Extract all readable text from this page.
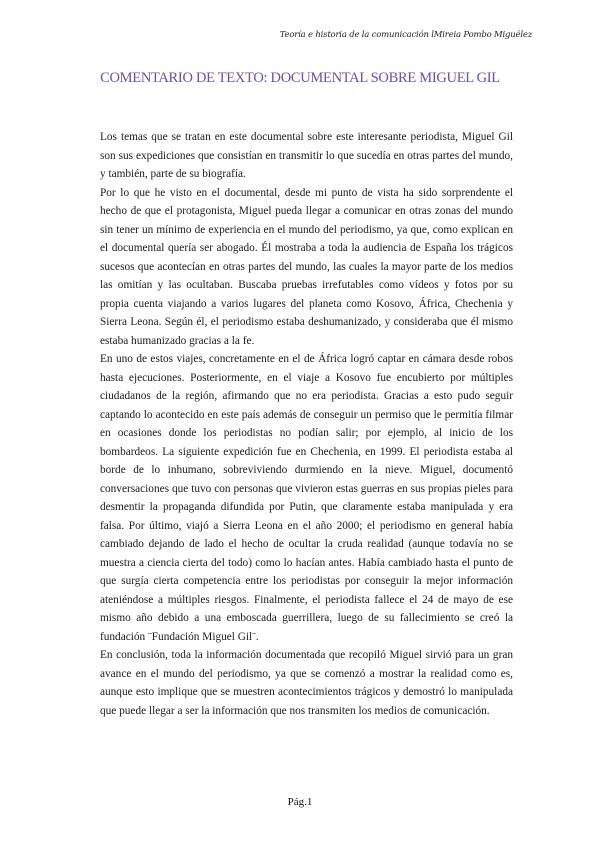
Teoría e historia de la comunicación lMireia Pombo Miguélez
COMENTARIO DE TEXTO: DOCUMENTAL SOBRE MIGUEL GIL

Los temas que se tratan en este documental sobre este interesante periodista, Miguel Gil son sus expediciones que consistían en transmitir lo que sucedía en otras partes del mundo, y también, parte de su biografía.

Por lo que he visto en el documental, desde mi punto de vista ha sido sorprendente el hecho de que el protagonista, Miguel pueda llegar a comunicar en otras zonas del mundo sin tener un mínimo de experiencia en el mundo del periodismo, ya que, como explican en el documental quería ser abogado. Él mostraba a toda la audiencia de España los trágicos sucesos que acontecían en otras partes del mundo, las cuales la mayor parte de los medios las omitían y las ocultaban. Buscaba pruebas irrefutables como vídeos y fotos por su propia cuenta viajando a varios lugares del planeta como Kosovo, África, Chechenia y Sierra Leona. Según él, el periodismo estaba deshumanizado, y consideraba que él mismo estaba humanizado gracias a la fe.

En uno de estos viajes, concretamente en el de África logró captar en cámara desde robos hasta ejecuciones. Posteriormente, en el viaje a Kosovo fue encubierto por múltiples ciudadanos de la región, afirmando que no era periodista. Gracias a esto pudo seguir captando lo acontecido en este país además de conseguir un permiso que le permitía filmar en ocasiones donde los periodistas no podían salir; por ejemplo, al inicio de los bombardeos. La siguiente expedición fue en Chechenia, en 1999. El periodista estaba al borde de lo inhumano, sobreviviendo durmiendo en la nieve. Miguel, documentó conversaciones que tuvo con personas que vivieron estas guerras en sus propias pieles para desmentir la propaganda difundida por Putin, que claramente estaba manipulada y era falsa. Por último, viajó a Sierra Leona en el año 2000; el periodismo en general había cambiado dejando de lado el hecho de ocultar la cruda realidad (aunque todavía no se muestra a ciencia cierta del todo) como lo hacían antes. Había cambiado hasta el punto de que surgía cierta competencia entre los periodistas por conseguir la mejor información ateniéndose a múltiples riesgos. Finalmente, el periodista fallece el 24 de mayo de ese mismo año debido a una emboscada guerrillera, luego de su fallecimiento se creó la fundación ¨Fundación Miguel Gil¨.

En conclusión, toda la información documentada que recopiló Miguel sirvió para un gran avance en el mundo del periodismo, ya que se comenzó a mostrar la realidad como es, aunque esto implique que se muestren acontecimientos trágicos y demostró lo manipulada que puede llegar a ser la información que nos transmiten los medios de comunicación.

Pág.1
